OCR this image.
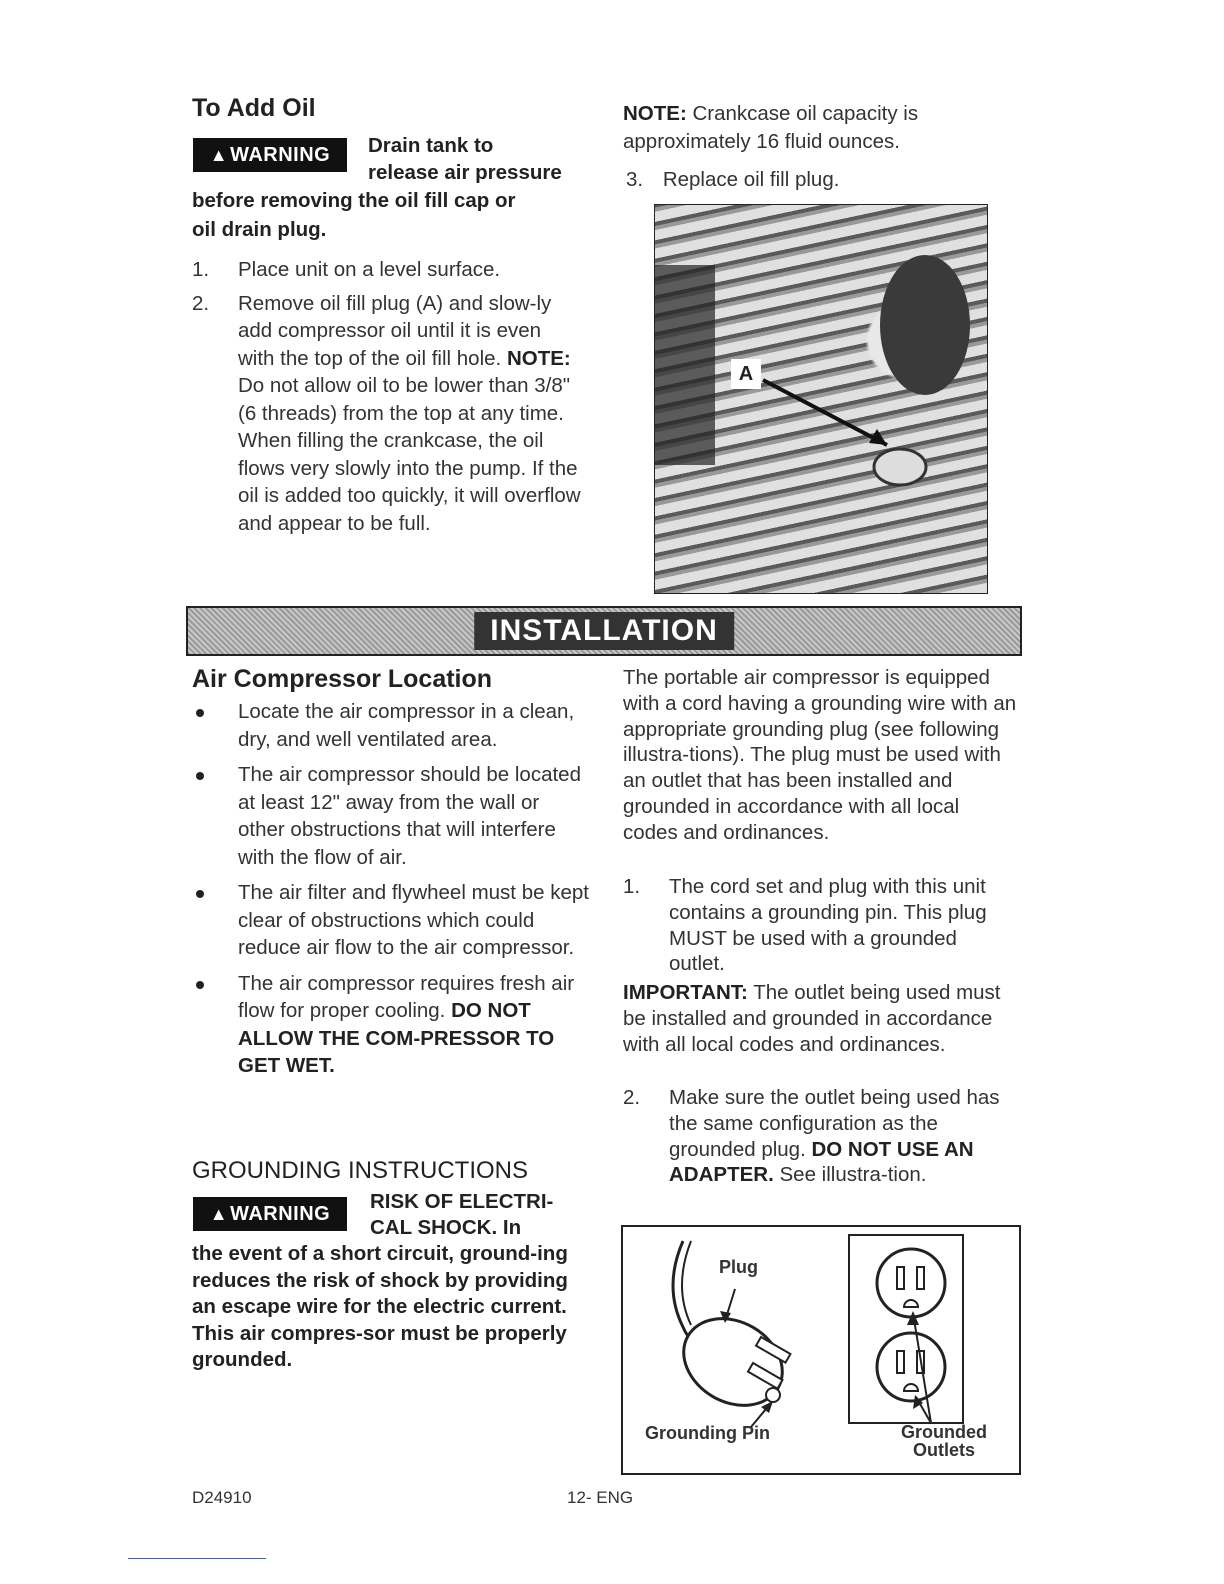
To Add Oil
▲ WARNING Drain tank to
release air pressure
before removing the oil fill cap or
oil drain plug.
1. Place unit on a level surface.
2. Remove oil fill plug (A) and slow-ly add compressor oil until it is even with the top of the oil fill hole. NOTE: Do not allow oil to be lower than 3/8" (6 threads) from the top at any time. When filling the crankcase, the oil flows very slowly into the pump. If the oil is added too quickly, it will overflow and appear to be full.
NOTE: Crankcase oil capacity is approximately 16 fluid ounces.
3. Replace oil fill plug.
A
INSTALLATION
Air Compressor Location
Locate the air compressor in a clean, dry, and well ventilated area.
The air compressor should be located at least 12" away from the wall or other obstructions that will interfere with the flow of air.
The air filter and flywheel must be kept clear of obstructions which could reduce air flow to the air compressor.
The air compressor requires fresh air flow for proper cooling. DO NOT ALLOW THE COM-PRESSOR TO GET WET.
GROUNDING INSTRUCTIONS
▲ WARNING
RISK OF ELECTRI-
CAL SHOCK. In
the event of a short circuit, ground-ing reduces the risk of shock by providing an escape wire for the electric current. This air compres-sor must be properly grounded.
The portable air compressor is equipped with a cord having a grounding wire with an appropriate grounding plug (see following illustra-tions). The plug must be used with an outlet that has been installed and grounded in accordance with all local codes and ordinances.
1. The cord set and plug with this unit contains a grounding pin. This plug MUST be used with a grounded outlet.
IMPORTANT: The outlet being used must be installed and grounded in accordance with all local codes and ordinances.
2. Make sure the outlet being used has the same configuration as the grounded plug. DO NOT USE AN ADAPTER. See illustra-tion.
Plug
Grounding Pin	Grounded
Outlets
D24910	12- ENG
